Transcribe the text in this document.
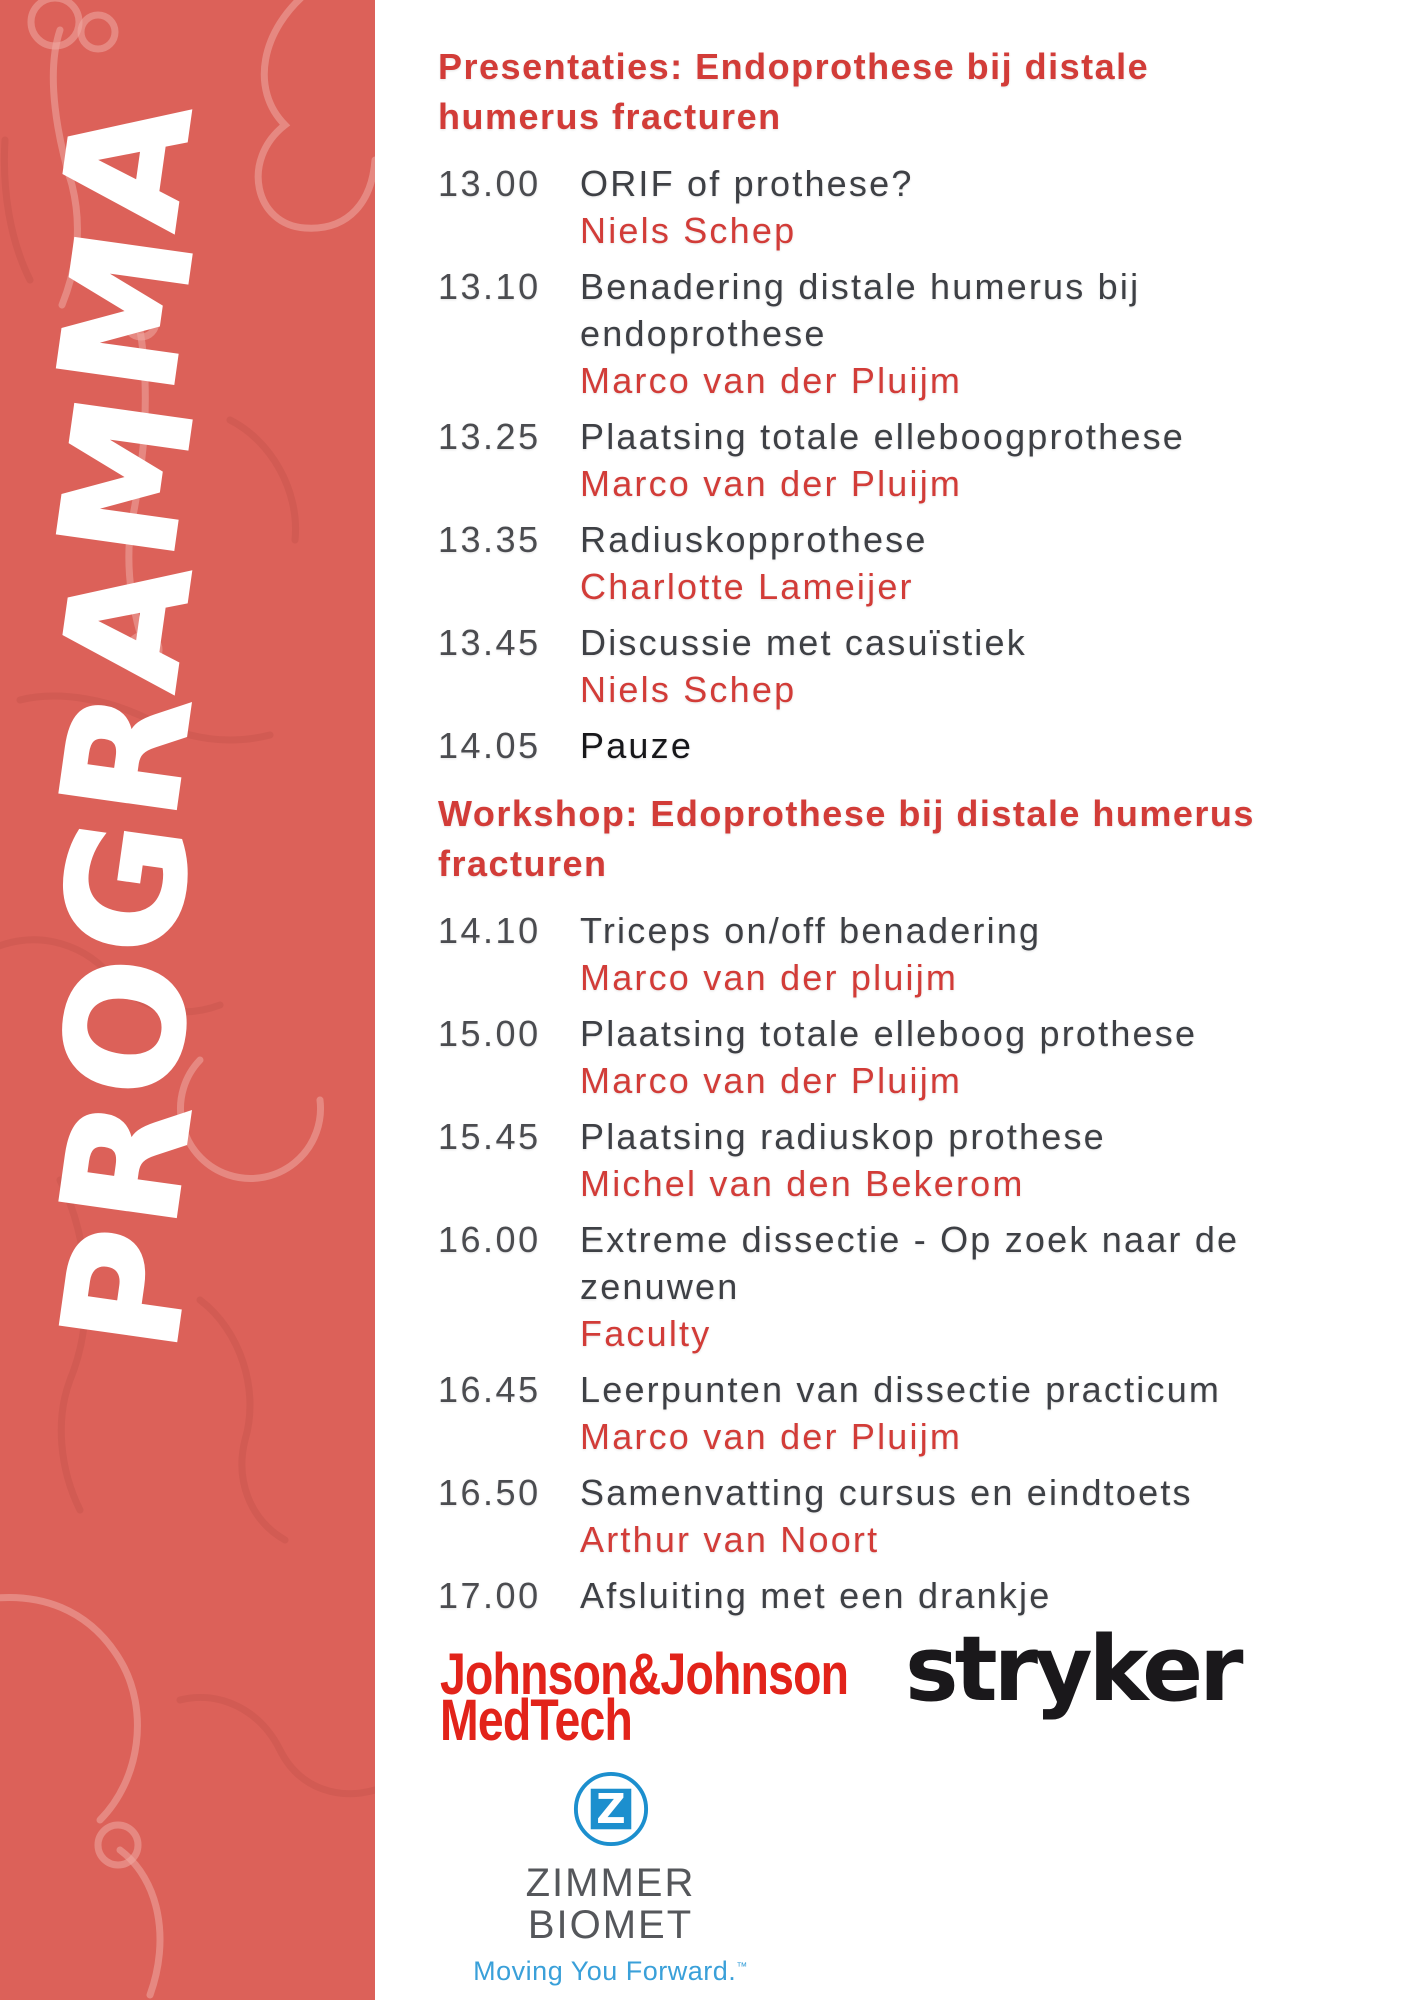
PROGRAMMA
Presentaties: Endoprothese bij distale humerus fracturen
13.00	ORIF of prothese?
Niels Schep
13.10	Benadering distale humerus bij endoprothese
Marco van der Pluijm
13.25	Plaatsing totale elleboogprothese
Marco van der Pluijm
13.35	Radiuskopprothese
Charlotte Lameijer
13.45	Discussie met casuïstiek
Niels Schep
14.05	Pauze
Workshop: Edoprothese bij distale humerus fracturen
14.10	Triceps on/off benadering
Marco van der pluijm
15.00	Plaatsing totale elleboog prothese
Marco van der Pluijm
15.45	Plaatsing radiuskop prothese
Michel van den Bekerom
16.00	Extreme dissectie - Op zoek naar de zenuwen
Faculty
16.45	Leerpunten van dissectie practicum
Marco van der Pluijm
16.50	Samenvatting cursus en eindtoets
Arthur van Noort
17.00	Afsluiting met een drankje
Johnson&Johnson
MedTech	stryker
Z
ZIMMER BIOMET
Moving You Forward.™
